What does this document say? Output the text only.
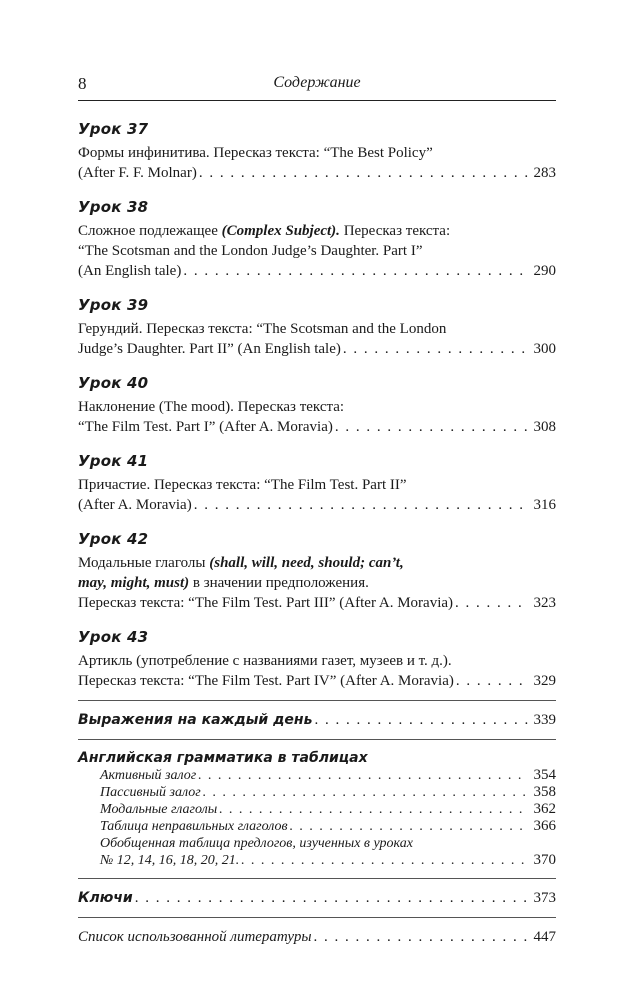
8	Содержание
Урок 37
Формы инфинитива. Пересказ текста: “The Best Policy”
(After F. F. Molnar) . . .	283
Урок 38
Сложное подлежащее (Complex Subject). Пересказ текста:
“The Scotsman and the London Judge’s Daughter. Part I”
(An English tale) . . .	290
Урок 39
Герундий. Пересказ текста: “The Scotsman and the London
Judge’s Daughter. Part II” (An English tale) . . .	300
Урок 40
Наклонение (The mood). Пересказ текста:
“The Film Test. Part I” (After A. Moravia) . . .	308
Урок 41
Причастие. Пересказ текста: “The Film Test. Part II”
(After A. Moravia) . . .	316
Урок 42
Модальные глаголы (shall, will, need, should; can’t,
may, might, must) в значении предположения.
Пересказ текста: “The Film Test. Part III” (After A. Moravia) . . .	323
Урок 43
Артикль (употребление с названиями газет, музеев и т. д.).
Пересказ текста: “The Film Test. Part IV” (After A. Moravia) . . .	329
Выражения на каждый день . . .	339
Английская грамматика в таблицах
Активный залог . . .	354
Пассивный залог . . .	358
Модальные глаголы . . .	362
Таблица неправильных глаголов . . .	366
Обобщенная таблица предлогов, изученных в уроках
№ 12, 14, 16, 18, 20, 21. . . .	370
Ключи . . .	373
Список использованной литературы . . .	447
